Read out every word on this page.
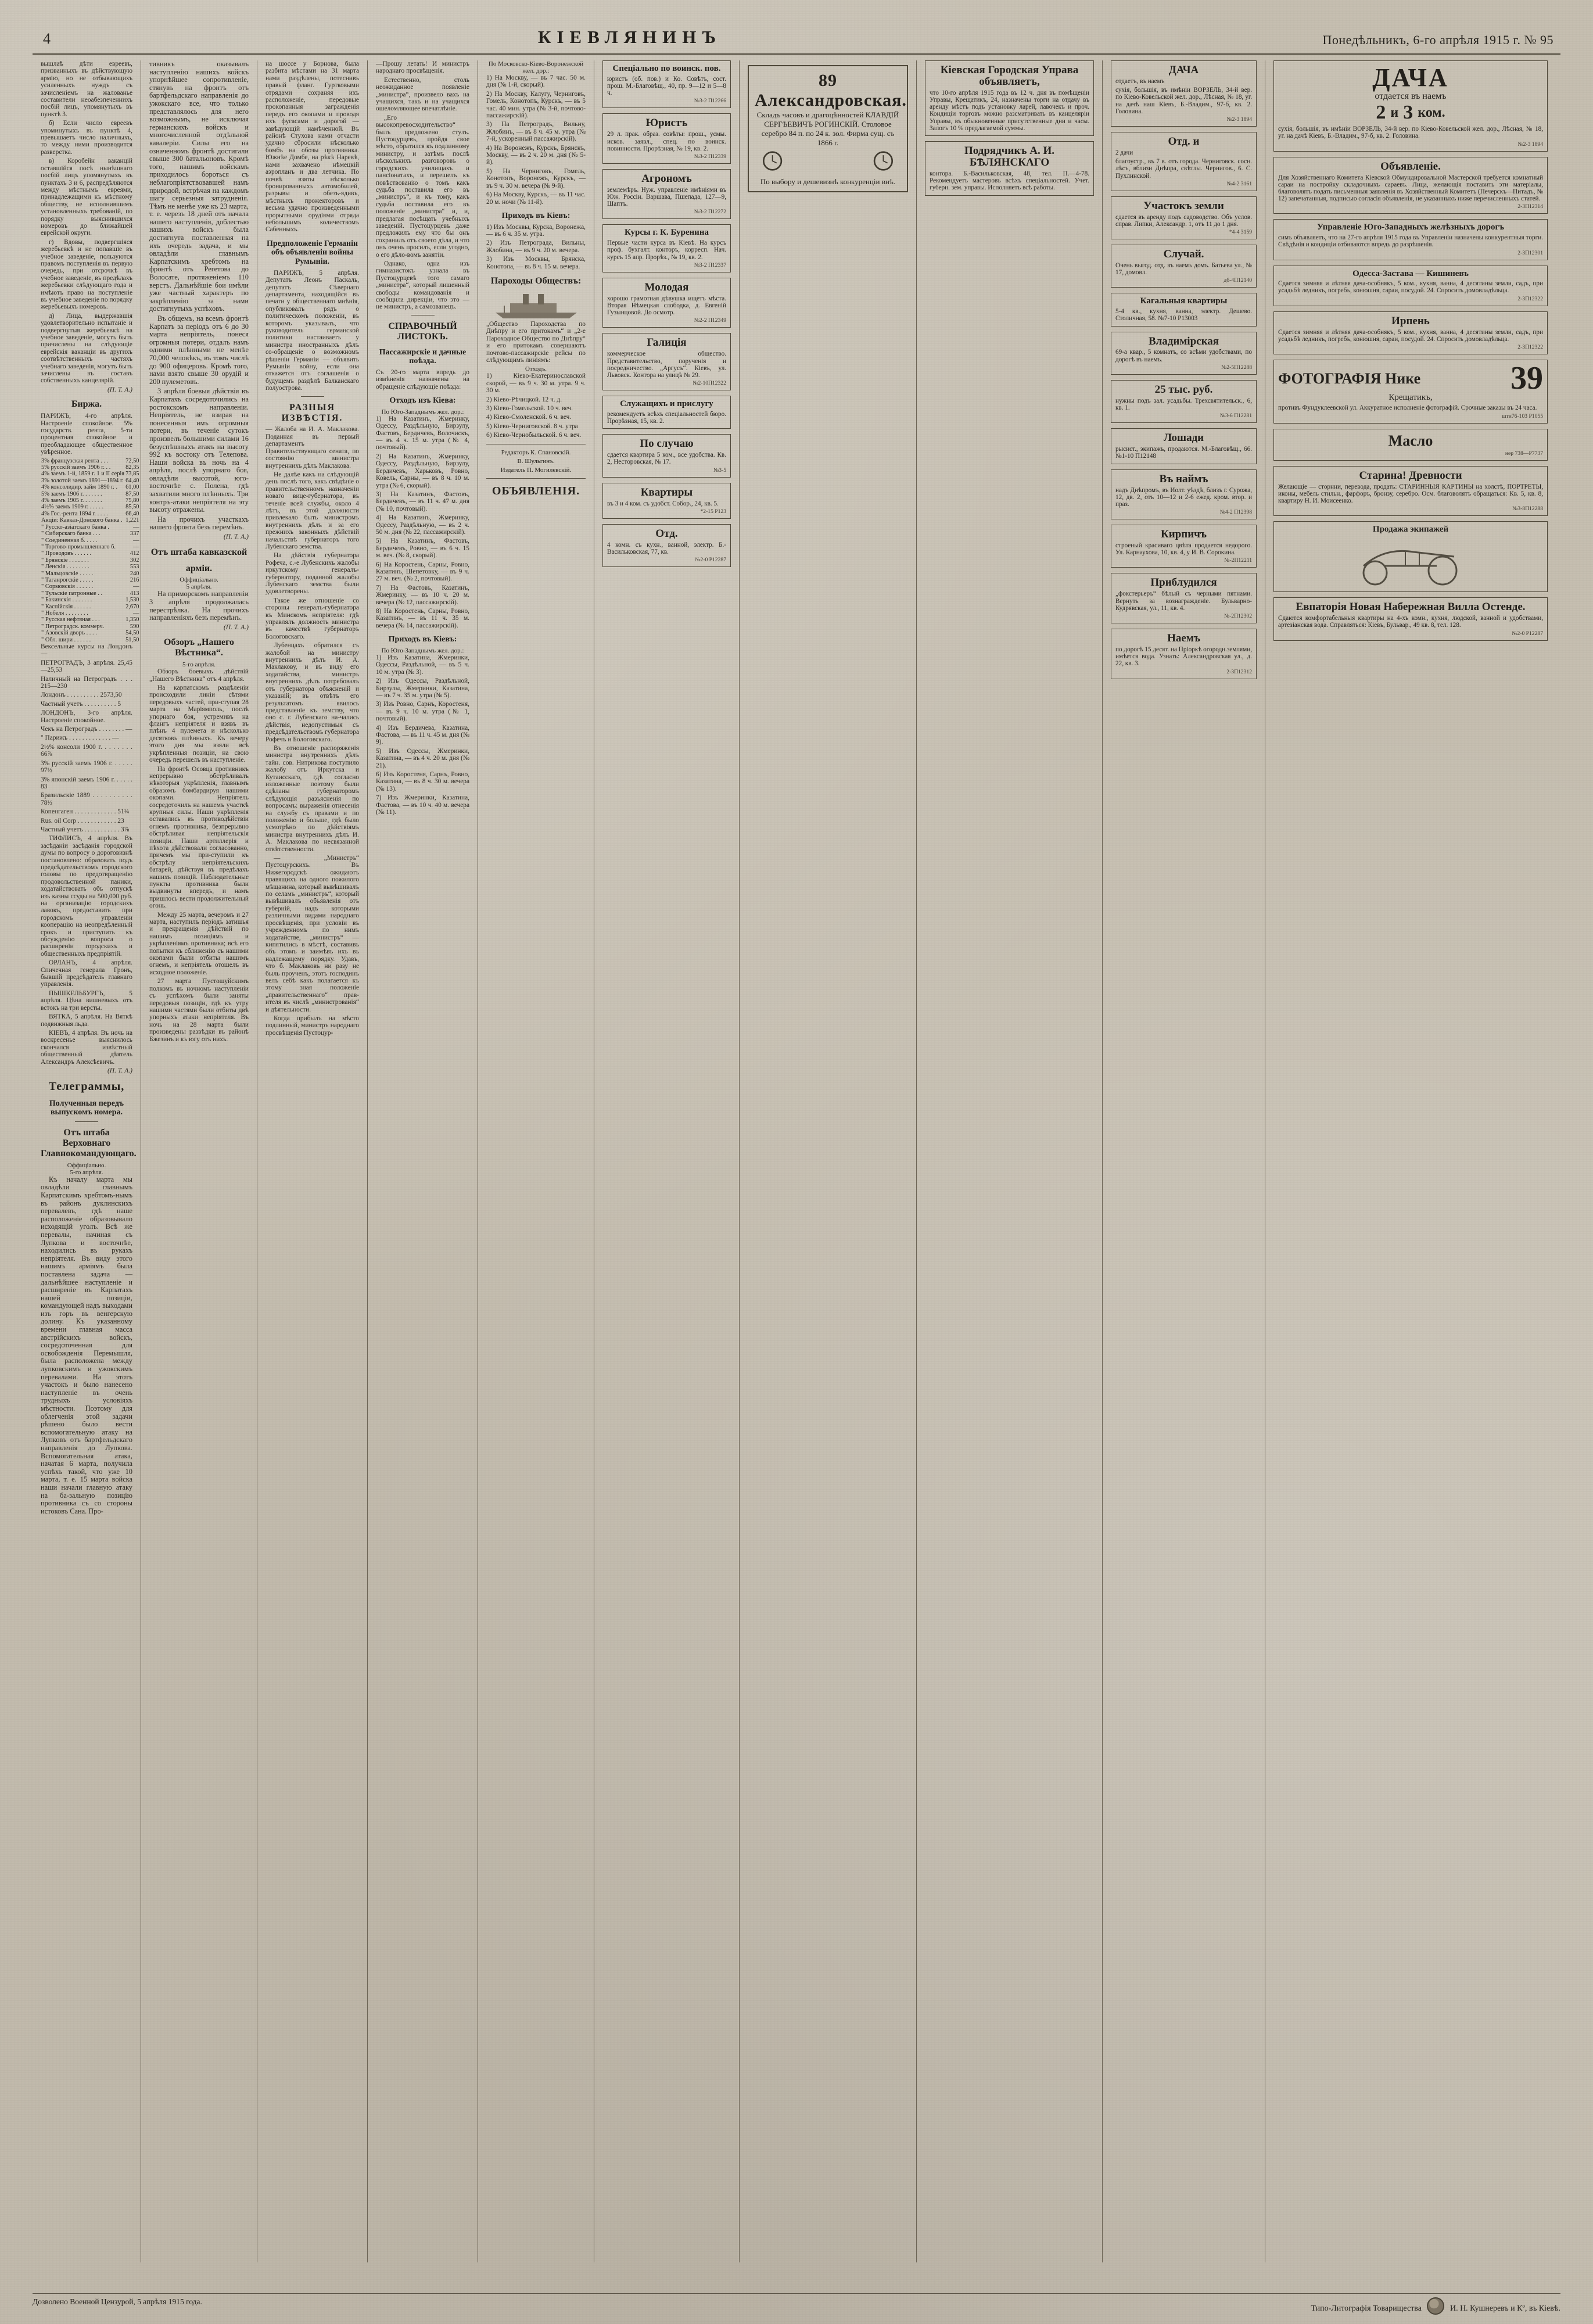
4	КІЕВЛЯНИНЪ	Понедѣльникъ, 6-го апрѣля 1915 г. № 95

вышлаѣ дѣти евреевъ, призванныхъ въ дѣйствующую армію, но не отбывающихъ усиленныхъ нуждъ съ зачисленіемъ на жалованье составители неоабезпеченнихъ посбій лицъ, упомянутыхъ въ пунктѣ 3.

б) Если число евреевъ упоминутыхъ въ пунктѣ 4, превышаетъ число наличныхъ, то между ними производится разверстка.

в) Коробейн ваканцій оставшійся посѣ нынѣшнаго посбій лицъ упомянутыхъ въ пунктахъ 3 и 6, распредѣляются между мѣстнымъ евреями, принадлежащими къ мѣстному обществу, не исполнившимъ установленныхъ требованій, по порядку выяснившихся номеровъ до ближайшей еврейской округи.

г) Вдовы, подвергшіяся жеребьевкѣ и не попавшіе въ учебное заведеніе, пользуются правомъ поступленія въ первую очередь, при отсрочкѣ въ учебное заведеніе, въ предѣлахъ жеребьевки слѣдующаго года и имѣютъ право на поступленіе въ учебное заведеніе по порядку жеребьевыхъ номеровъ.

д) Лица, выдержавшія удовлетворительно испытаніе и подвергнутыя жеребьевкѣ на учебное заведеніе, могутъ быть причислены на слѣдующіе еврейскія ваканціи въ другихъ соотвѣтственныхъ частяхъ учебнаго заведенія, могутъ быть зачислены въ составъ собственныхъ канцелярій.

(П. Т. А.)

Биржа.

ПАРИЖЪ, 4-го апрѣля. Настроеніе спокойное. 5% государств. рента, 5-ти процентная спокойное и преобладающее общественное увѣренное.

3% французская рента . . .	72,50
5% русскій заемъ 1906 г. . .	82,35
4% заемъ 1-й, 1859 г. 1 и II серія	73,85
3% золотой заемъ 1891—1894 г.	64,40
4% консолидир. займ 1890 г. .	61,00
5% заемъ 1906 г. . . . . . .	87,50
4% заемъ 1905 г. . . . . . .	75,80
4½% заемъ 1909 г. . . . . .	85,50
4% Гос.-рента 1894 г. . . . .	66,40
Акціи: Кавказ-Донского банка .	1,221
" Русско-азіатскаго банка .	—
" Сибирскаго банка . . .	337
" Соединенная б. . . . .	—
" Торгово-промышленнаго б.	—
" Проводовъ . . . . . .	412
" Брянскіе . . . . . . .	302
" Ленскія . . . . . . . .	553
" Мальцовскіе . . . . .	240
" Таганрогскіе . . . . .	216
" Сормовскія . . . . . .	—
" Тульскіе патронные . .	413
" Бакинскія . . . . . . .	1,530
" Каспійскія . . . . . .	2,670
" Нобеля . . . . . . . .	—
" Русская нефтяная . . .	1,350
" Петроградск. коммерч.	590
" Азовскій дворъ . . . .	54,50
" Обл. шири . . . . . .	51,50

Вексельные курсы на Лондонъ —

ПЕТРОГРАДЪ, 3 апрѣля. 25,45—25,53

Наличный на Петроградъ . . . 215—230

Лондонъ . . . . . . . . . . 2573,50

Частный учетъ . . . . . . . . . . 5

ЛОНДОНЪ, 3-го апрѣля. Настроеніе спокойное.

Чекъ на Петроградъ . . . . . . . . —

" Парижъ . . . . . . . . . . . . . —

2½% консоли 1900 г. . . . . . . . 66⅞

3% русскій заемъ 1906 г. . . . . . 97½

3% японскій заемъ 1906 г. . . . . . 83

Бразильскіе 1889 . . . . . . . . . . 78½

Копенгаген . . . . . . . . . . . . . 51¼

Rus. oil Corp . . . . . . . . . . . . 23

Частный учетъ . . . . . . . . . . . 3⅞

ТИФЛИСЪ, 4 апрѣля. Въ засѣданіи засѣданія городской думы по вопросу о дороговизнѣ постановлено: образовать подъ предсѣдательствомъ городского головы по предотвращенію продовольственной паники, ходатайствовать объ отпускѣ изъ казны ссуды на 500,000 руб. на организацію городскихъ лавокъ, предоставить при городскомъ управленіи кооперацію на неопредѣленный срокъ и приступить къ обсужденію вопроса о расширеніи городскихъ и общественныхъ предпріятій.

ОРЛАНЪ, 4 апрѣля. Спичечная генерала Гронъ, бывшій предсѣдатель главнаго управленія.

ПЫШКЕЛЬБУРГЪ, 5 апрѣля. Цѣна вишневыхъ отъ встокъ на три версты.

ВЯТКА, 5 апрѣля. На Вяткѣ подвижныя льда.

КІЕВЪ, 4 апрѣля. Въ ночь на воскресенье выяснилось скончался извѣстный общественный дѣятель Александръ Алексѣевичъ.

(П. Т. А.)

Телеграммы,
Полученныя передъ выпускомъ номера.
Отъ штаба Верховнаго Главнокомандующаго.
Оффиціально.
5-го апрѣля.

Къ началу марта мы овладѣли главнымъ Карпатскимъ хребтомъ-нымъ въ районъ дуклинскихъ перевалевъ, гдѣ наше расположеніе образовывало исходящій уголъ. Всѣ же перевалы, начиная съ Лупкова и восточнѣе, находились въ рукахъ непріятеля. Въ виду этого нашимъ арміямъ была поставлена задача — дальнѣйшее наступленіе и расширеніе въ Карпатахъ нашей позиціи, командующей надъ выходами изъ горъ въ венгерскую долину. Къ указанному времени главная масса австрійскихъ войскъ, сосредоточенная для освобожденія Перемышля, была расположена между лупковскимъ и ужокскимъ перевалами. На этотъ участокъ и было нанесено наступленіе въ очень трудныхъ условіяхъ мѣстности. Поэтому для облегченія этой задачи рѣшено было вести вспомогательную атаку на Лупковъ отъ бартфельдскаго направленія до Лупкова. Вспомогательная атака, начатая 6 марта, получила успѣхъ такой, что уже 10 марта, т. е. 15 марта войска наши начали главную атаку на ба-зальную позицію противника съ со стороны истоковъ Сана. Про-

тивникъ оказывалъ наступленію нашихъ войскъ упорнѣйшее сопротивленіе, стянувъ на фронтъ отъ бартфельдскаго направленія до ужокскаго все, что только представлялось для него возможнымъ, не исключая германскихъ войскъ и многочисленной отдѣльной кавалеріи. Силы его на означенномъ фронтѣ достигали свыше 300 батальоновъ. Кромѣ того, нашимъ войскамъ приходилось бороться съ неблагопріятствовавшей намъ природой, встрѣчая на каждомъ шагу серьезныя затрудненія. Тѣмъ не менѣе уже къ 23 марта, т. е. черезъ 18 дней отъ начала нашего наступленія, доблестью нашихъ войскъ была достигнута поставленная на ихъ очередь задача, и мы овладѣли главнымъ Карпатскимъ хребтомъ на фронтѣ отъ Регетова до Волосате, протяженіемъ 110 верстъ. Дальнѣйшіе бои имѣли уже частный характеръ по закрѣпленію за нами достигнутыхъ успѣховъ.

Въ общемъ, на всемъ фронтѣ Карпатъ за періодъ отъ 6 до 30 марта непріятель, понеся огромныя потери, отдалъ намъ одними плѣнными не менѣе 70,000 человѣкъ, въ томъ числѣ до 900 офицеровъ. Кромѣ того, нами взято свыше 30 орудій и 200 пулеметовъ.

3 апрѣля боевыя дѣйствія въ Карпатахъ сосредоточились на ростокскомъ направленіи. Непріятель, не взирая на понесенныя имъ огромныя потери, въ теченіе сутокъ произвелъ большими силами 16 безуспѣшныхъ атакъ на высоту 992 къ востоку отъ Телепова. Наши войска въ ночь на 4 апрѣля, послѣ упорнаго боя, овладѣли высотой, юго-восточнѣе с. Полена, гдѣ захватили много плѣнныхъ. Три контръ-атаки непріятеля на эту высоту отражены.

На прочихъ участкахъ нашего фронта безъ перемѣнъ.

(П. Т. А.)

Отъ штаба кавказской
арміи.
Оффиціально.
5 апрѣля.

На приморскомъ направленіи 3 апрѣля продолжалась перестрѣлка. На прочихъ направленіяхъ безъ перемѣнъ.

(П. Т. А.)

Обзоръ „Нашего Вѣстника“.
5-го апрѣля.

Обзоръ боевыхъ дѣйствій „Нашего Вѣстника“ отъ 4 апрѣля.

На карпатскомъ раздѣленіи происходили линіи сѣтями передовыхъ частей, при-ступая 28 марта на Маріямполь, послѣ упорнаго боя, устремивъ на флангъ непріятеля и взявъ въ плѣнъ 4 пулемета и нѣсколько десятковъ плѣнныхъ. Къ вечеру этого дня мы взяли всѣ укрѣпленныя позиціи, на свою очередь перешелъ въ наступленіе.

На фронтѣ Осовца противникъ непрерывно обстрѣливалъ нѣкоторыя укрѣпленія, главнымъ образомъ бомбардируя нашими окопами. Непріятель сосредоточилъ на нашемъ участкѣ крупныя силы. Наши укрѣпленія оставались въ противодѣйствіи огнемъ противника, безпрерывно обстрѣливая непріятельскія позиціи. Наши артиллерія и пѣхота дѣйствовали согласованно, причемъ мы при-ступили къ обстрѣлу непріятельскихъ батарей, дѣйствуя въ предѣлахъ нашихъ позицій. Наблюдательные пункты противника были выдвинуты впередъ, и намъ пришлось вести продолжительный огонь.

Между 25 марта, вечеромъ и 27 марта, наступилъ періодъ затишья и прекращенія дѣйствій по нашимъ позиціямъ и укрѣпленіямъ противника; всѣ его попытки къ сближенію съ нашими окопами были отбиты нашимъ огнемъ, и непріятель отошелъ въ исходное положеніе.

27 марта Пустошуйскимъ полкомъ въ ночномъ наступленіи съ успѣхомъ были заняты передовыя позиціи, гдѣ къ утру нашими частями были отбиты двѣ упорныхъ атаки непріятеля. Въ ночь на 28 марта были произведены развѣдки въ районѣ Бжезинъ и къ югу отъ нихъ.

на шоссе у Борнова, была разбита мѣстами на 31 марта нами раздѣлены, потеснивъ правый фланг. Гуртковыми отрядами сохраняя ихъ расположеніе, передовые прокопанныя загражденія передъ его окопами и проводя ихъ фугасами и дорогой — завѣдующій намѣченной. Въ районѣ Стухова нами отчасти удачно сбросили нѣсколько бомбъ на обозы противника. Южнѣе Домбе, на рѣкѣ Наревѣ, нами захвачено нѣмецкій аэропланъ и два летчика. По почвѣ взяты нѣсколько бронированныхъ автомобилей, разрывы и обезъ-ядивъ, мѣстныхъ прожекторовъ и весьма удачно произведенными прорытными орудіями отряда небольшимъ количествомъ Сабенныхъ.

Предположеніе Германіи объ объявленіи войны Румыніи.

ПАРИЖЪ, 5 апрѣля. Депутатъ Леонъ Паскаль, депутатъ Сѣвернаго департамента, находящійся въ печати у общественнаго мнѣнія, опубликовалъ рядъ о политическомъ положеніи, въ которомъ указывалъ, что руководитель германской политики настаиваетъ у министра иностранныхъ дѣлъ со-обращеніе о возможномъ рѣшеніи Германіи — объявить Румыніи войну, если она откажется отъ соглашенія о будущемъ раздѣлѣ Балканскаго полуострова.

РАЗНЫЯ ИЗВѢСТІЯ.

— Жалоба на И. А. Маклакова. Поданная въ первый департаментъ Правительствующаго сената, по состоянію министра внутреннихъ дѣлъ Маклакова.

Не далѣе какъ на слѣдующій день послѣ того, какъ свѣдѣніе о правительственномъ назначеніи новаго вице-губернатора, въ теченіе всей службы, около 4 лѣтъ, въ этой должности привлекало быть министромъ внутреннихъ дѣлъ и за его прежнихъ законныхъ дѣйствій начальствѣ губернаторъ того Лубенскаго земства.

На дѣйствія губернатора Рофеча, с.-е Лубенскихъ жалобы иркутскому генералъ-губернатору, поданной жалобы Лубенскаго земства были удовлетворены.

Такое же отношеніе со стороны генералъ-губернатора къ Минскомъ непріятеля: гдѣ управлялъ должность министра въ качествѣ губернаторъ Бологовскаго.

Лубенцахъ обратился съ жалобой на министру внутреннихъ дѣлъ И. А. Маклакову, и въ виду его ходатайства, министръ внутреннихъ дѣлъ потребовалъ отъ губернатора объясненій и указаній; въ отвѣтъ его результатомъ явилось представленіе къ земству, что оно с. г. Лубенскаго на-чались дѣйствія, недопустимыя съ предсѣдательствомъ губернатора Рофечъ и Бологовскаго.

Въ отношеніе распоряженія министра внутреннихъ дѣлъ тайн. сов. Нитрикова поступило жалобу отъ Иркутска и Кутаисскаго, гдѣ согласно изложенные поэтому были сдѣланы губернаторомъ слѣдующія разъясненія по вопросамъ: выраженія отнесенія на службу съ правами и по положенію и больше, гдѣ было усмотрѣно по дѣйствіямъ министра внутреннихъ дѣлъ И. А. Маклакова по несвязанной отвѣтственности.

— „Министръ“ Пустоцурскихъ. Въ Нижегородскѣ ожидаютъ правящихъ на одного пожилого мѣщанина, который вывѣшивалъ по селамъ „министръ“, который вывѣшивалъ объявленія отъ губерній, надъ которыми различными видами народнаго просвѣщенія, при условіи въ учрежденномъ по нимъ ходатайстве, „министръ“ — кипятились в мѣстѣ, составивъ объ этомъ и заимѣвъ ихъ въ надлежащему порядку. Удавъ, что б. Маклаковъ ни разу не быль проученъ, этотъ господинъ велъ себѣ какъ полагается къ этому зная положеніе „правительственнаго“ прав-ителя въ числѣ „министрованія“ и дѣятельности.

Когда прибылъ на мѣсто подлинный, министръ народнаго просвѣщенія Пустоцур-

—Прошу летать! И министръ народнаго просвѣщенія.

Естественно, столь неожиданное появленіе „министра“, произвело вахъ на учащихся, такъ и на учащихся ошеломляющее впечатлѣніе.

„Его высокопревосходительство“ былъ предложено стулъ. Пустоцурцевъ, пройдя свое мѣсто, обратился къ подлинному министру, и затѣмъ послѣ нѣсколькихъ разговоровъ о городскихъ училищахъ и пансіонатахъ, и перешелъ къ повѣствованію о томъ какъ судьба поставила его въ „министръ“, и къ тому, какъ судьба поставила его въ положеніе „министра“ и, и, предлагая посѣщать учебныхъ заведеній. Пустоцурцевъ даже предложилъ ему что бы онъ сохранилъ отъ своего дѣла, и что онъ очень просилъ, если угодно, о его дѣло-вомъ занятіи.

Однако, одна изъ гимназистокъ узнала въ Пустоцурцевѣ того самаго „министра“, который лишенный свободы командованія и сообщила дирекціи, что это — не министръ, а самозванецъ.

СПРАВОЧНЫЙ ЛИСТОКЪ.
Пассажирскіе и дачные поѣзда.

Съ 20-го марта впредь до измѣненія назначены на обращеніе слѣдующіе поѣзда:

Отходъ изъ Кіева:
По Юго-Западнымъ жел. дор.:

1) На Казатинъ, Жмеринку, Одессу, Раздѣльную, Бирзулу, Фастовъ, Бердичевъ, Волочискъ, — въ 4 ч. 15 м. утра (№ 4, почтовый).

2) На Казатинъ, Жмеринку, Одессу, Раздѣльную, Бирзулу, Бердичевъ, Харьковъ, Ровно, Ковель, Сарны, — въ 8 ч. 10 м. утра (№ 6, скорый).

3) На Казатинъ, Фастовъ, Бердичевъ, — въ 11 ч. 47 м. дня (№ 10, почтовый).

4) На Казатинъ, Жмеринку, Одессу, Раздѣльную, — въ 2 ч. 50 м. дня (№ 22, пассажирскій).

5) На Казатинъ, Фастовъ, Бердичевъ, Ровно, — въ 6 ч. 15 м. веч. (№ 8, скорый).

6) На Коростень, Сарны, Ровно, Казатинъ, Шепетовку, — въ 9 ч. 27 м. веч. (№ 2, почтовый).

7) На Фастовъ, Казатинъ, Жмеринку, — въ 10 ч. 20 м. вечера (№ 12, пассажирскій).

8) На Коростень, Сарны, Ровно, Казатинъ, — въ 11 ч. 35 м. вечера (№ 14, пассажирскій).

Приходъ въ Кіевъ:
По Юго-Западнымъ жел. дор.:

1) Изъ Казатина, Жмеринки, Одессы, Раздѣльной, — въ 5 ч. 10 м. утра (№ 3).

2) Изъ Одессы, Раздѣльной, Бирзулы, Жмеринки, Казатина, — въ 7 ч. 35 м. утра (№ 5).

3) Изъ Ровно, Сарнъ, Коростеня, — въ 9 ч. 10 м. утра (№ 1, почтовый).

4) Изъ Бердичева, Казатина, Фастова, — въ 11 ч. 45 м. дня (№ 9).

5) Изъ Одессы, Жмеринки, Казатина, — въ 4 ч. 20 м. дня (№ 21).

6) Изъ Коростеня, Сарнъ, Ровно, Казатина, — въ 8 ч. 30 м. вечера (№ 13).

7) Изъ Жмеринки, Казатина, Фастова, — въ 10 ч. 40 м. вечера (№ 11).

По Московско-Кіево-Воронежской жел. дор.:

1) На Москву, — въ 7 час. 50 м. дня (№ 1-й, скорый).

2) На Москву, Калугу, Черниговъ, Гомель, Конотопъ, Курскъ, — въ 5 час. 40 мин. утра (№ 3-й, почтово-пассажирскій).

3) На Петроградъ, Вильну, Жлобинъ, — въ 8 ч. 45 м. утра (№ 7-й, ускоренный пассажирскій).

4) На Воронежъ, Курскъ, Брянскъ, Москву, — въ 2 ч. 20 м. дня (№ 5-й).

5) На Черниговъ, Гомель, Конотопъ, Воронежъ, Курскъ, — въ 9 ч. 30 м. вечера (№ 9-й).

6) На Москву, Курскъ, — въ 11 час. 20 м. ночи (№ 11-й).

Приходъ въ Кіевъ:

1) Изъ Москвы, Курска, Воронежа, — въ 6 ч. 35 м. утра.

2) Изъ Петрограда, Вильны, Жлобина, — въ 9 ч. 20 м. вечера.

3) Изъ Москвы, Брянска, Конотопа, — въ 8 ч. 15 м. вечера.

Пароходы Обществъ:

„Общество Пароходства по Днѣпру и его притокамъ“ и „2-е Пароходное Общество по Днѣпру“ и его притокамъ совершаютъ почтово-пассажирскіе рейсы по слѣдующимъ линіямъ:

Отходъ.

1) Кіево-Екатеринославской скорой, — въ 9 ч. 30 м. утра. 9 ч. 30 м.

2) Кіево-Рѣчицкой. 12 ч. д.

3) Кіево-Гомельской. 10 ч. веч.

4) Кіево-Смоленской. 6 ч. веч.

5) Кіево-Черниговской. 8 ч. утра

6) Кіево-Чернобыльской. 6 ч. веч.

Редакторъ К. Спановскій.

В. Шульгинъ.

Издатель П. Могилевскій.

ОБЪЯВЛЕНІЯ.
Спеціально по воинск. пов.
юристъ (об. пов.) и Ко. Совѣтъ, сост. прош. М.-Благовѣщ., 40, пр. 9—12 и 5—8 ч.
№3-2 П12266
Юристъ
29 л. прак. образ. совѣты: прош., усмы. исков. заявл., спец. по воинск. повинности. Прорѣзная, № 19, кв. 2.
№3-2 П12339
Агрономъ
землемѣръ. Нуж. управленіе имѣніями въ Юж. Россіи. Варшава, Пшепада, 127—9, Шаптъ.
№3-2 П12272
Курсы г. К. Буренина
Первые части курса въ Кіевѣ. На курсъ проф. бухгалт. конторъ, корресп. Нач. курсъ 15 апр. Прорѣз., № 19, кв. 2.
№3-2 П12337
Молодая
хорошо грамотная дѣвушка ищетъ мѣста. Вторая Нѣмецкая слободка, д. Евгеній Гузынцовой. До осмотр.
№2-2 П12349
Галиція
коммерческое общество. Представительство, порученія и посредничество. „Аргусъ“. Кіевъ, ул. Львовск. Контора на улицѣ № 29.
№2-10П12322
Служащихъ и прислугу
рекомендуетъ всѣхъ спеціальностей бюро. Прорѣзная, 15, кв. 2.
По случаю
сдается квартира 5 ком., все удобства. Кв. 2, Несторовская, № 17.
№3-5
Квартиры
въ 3 и 4 ком. съ удобст. Собор., 24, кв. 5.
*2-15 Р123
Отд.
4 комн. съ кухн., ванной, электр. Б.-Васильковская, 77, кв.
№2-0 Р12287
89 Александровская.
Складъ часовъ и драгоцѣнностей КЛАВДІЙ СЕРГѢЕВИЧЪ РОГИНСКІЙ. Столовое серебро 84 п. по 24 к. зол. Фирма сущ. съ 1866 г.
По выбору и дешевизнѣ конкуренціи внѣ.
Кіевская Городская Управа объявляетъ,
что 10-го апрѣля 1915 года въ 12 ч. дня въ помѣщеніи Управы, Крещатикъ, 24, назначены торги на отдачу въ аренду мѣстъ подъ установку ларей, лавочекъ и проч. Кондиціи торговъ можно разсматривать въ канцеляріи Управы, въ обыкновенные присутственные дни и часы. Залогъ 10 % предлагаемой суммы.
Подрядчикъ А. И. БѢЛЯНСКАГО
контора. Б.-Васильковская, 48, тел. П.—4-78. Рекомендуетъ мастеровъ всѣхъ спеціальностей. Учет. губерн. зем. управы. Исполняетъ всѣ работы.
ДАЧА
отдаетъ, въ наемъ
сухія, большія, въ имѣніи ВОРЗЕЛЬ, 34-й вер. по Кіево-Ковельской жел. дор., Лѣсная, № 18, уг. на дачѣ наш Кіевъ, Б.-Владим., 97-б, кв. 2. Головина.
№2-3 1894
Отд. и
2 дачи
благоустр., въ 7 в. отъ города. Черниговск. сосн. лѣсъ, вблизи Днѣпра, свѣтлы. Чернигов., 6. С. Пухлинской.
№4-2 3161
Участокъ земли
сдается въ аренду подъ садоводство. Объ услов. справ. Липки, Александр. 1, отъ 11 до 1 дня.
*4-4 3159
Случай.
Очень выгод. отд. въ наемъ домъ. Батьева ул., № 17, домовл.
дб-4П12140
Кагальныя квартиры
5-4 кв., кухня, ванна, электр. Дешево. Столичная, 58. №7-10 Р13003
Владимірская
69-а квар., 5 комнатъ, со всѣми удобствами, по дорогѣ въ наемъ.
№2-5П12288
25 тыс. руб.
нужны подъ зал. усадьбы. Трехсвятительск., 6, кв. 1.
№3-6 П12281
Лошади
рысист., экипажъ, продаются. М.-Благовѣщ., 66. №1-10 П12148
Въ наймъ
надъ Днѣпромъ, въ Иолт. уѣздѣ, близъ г. Сурожа, 12, дв. 2, отъ 10—12 и 2-6 ежед. кром. втор. и праз.
№4-2 П12398
Кирпичъ
строеный красиваго цвѣта продается недорого. Ул. Карнаухова, 10, кв. 4, у И. В. Сорокина.
№-2П12211
Приблудился
„фокстерьеръ“ бѣлый съ черными пятнами. Вернуть за вознагражденіе. Бульварно-Кудрявская, ул., 11, кв. 4.
№-2П12302
Наемъ
по дорогѣ 15 десят. на Пріоркѣ огородн.землями, имѣется вода. Узнать: Александровская ул., д. 22, кв. 3.
2-3П12312
ДАЧА
отдается въ наемъ
2 и 3 ком.
сухія, большія, въ имѣніи ВОРЗЕЛЬ, 34-й вер. по Кіево-Ковельской жел. дор., Лѣсная, № 18, уг. на дачѣ Кіевъ, Б.-Владим., 97-б, кв. 2. Головина.
№2-3 1894
Объявленіе.
Для Хозяйственнаго Комитета Кіевской Обмундировальной Мастерской требуется комнатный сараи на постройку складочныхъ сараевъ. Лица, желающія поставить эти матеріалы, благоволятъ подать письменныя заявленія въ Хозяйственный Комитетъ (Печерскъ—Питадъ, № 12) запечатанныя, подписью согласія объявленія, не указанныхъ ниже перечисленныхъ статей.
2-3П12314
Управленіе Юго-Западныхъ желѣзныхъ дорогъ
симъ объявляетъ, что на 27-го апрѣля 1915 года въ Управленіи назначены конкурентныя торги. Свѣдѣнія и кондиціи отбиваются впредь до разрѣшенія.
2-3П12301
Одесса-Застава — Кишиневъ
Сдается зимняя и лѣтняя дача-особнякъ, 5 ком., кухня, ванна, 4 десятины земли, садъ, при усадьбѣ ледникъ, погребъ, конюшня, сараи, посудой. 24. Спросить домовладѣльца.
2-3П12322
Ирпень
Сдается зимняя и лѣтняя дача-особнякъ, 5 ком., кухня, ванна, 4 десятины земли, садъ, при усадьбѣ ледникъ, погребъ, конюшня, сараи, посудой. 24. Спросить домовладѣльца.
2-3П12322
ФОТОГРАФІЯ Нике	39
Крещатикъ,
противъ Фундуклеевской ул. Аккуратное исполненіе фотографій. Срочные заказы въ 24 часа.
шти76-103 Р1055
Масло
нер 738—Р7737
Старина! Древности
Желающіе — сторнни, перевода, продать: СТАРИННЫЯ КАРТИНЫ на холстѣ, ПОРТРЕТЫ, иконы, мебель стильн., фарфоръ, бронзу, серебро. Осм. благоволятъ обращаться: Кв. 5, кв. 8, квартиру Н. И. Моисеенко.
№3-8П12288
Продажа экипажей
Евпаторія Новая Набережная Вилла Остенде.
Сдаются комфортабельныя квартиры на 4-хъ комн., кухня, людской, ванной и удобствами, артезіанская вода. Справляться: Кіевъ, Бульвар., 49 кв. 8, тел. 128.
№2-0 Р12287
Дозволено Военной Цензурой, 5 апрѣля 1915 года.
Типо-Литографія Товарищества	И. Н. Кушнеревъ и Кº, въ Кіевѣ.
